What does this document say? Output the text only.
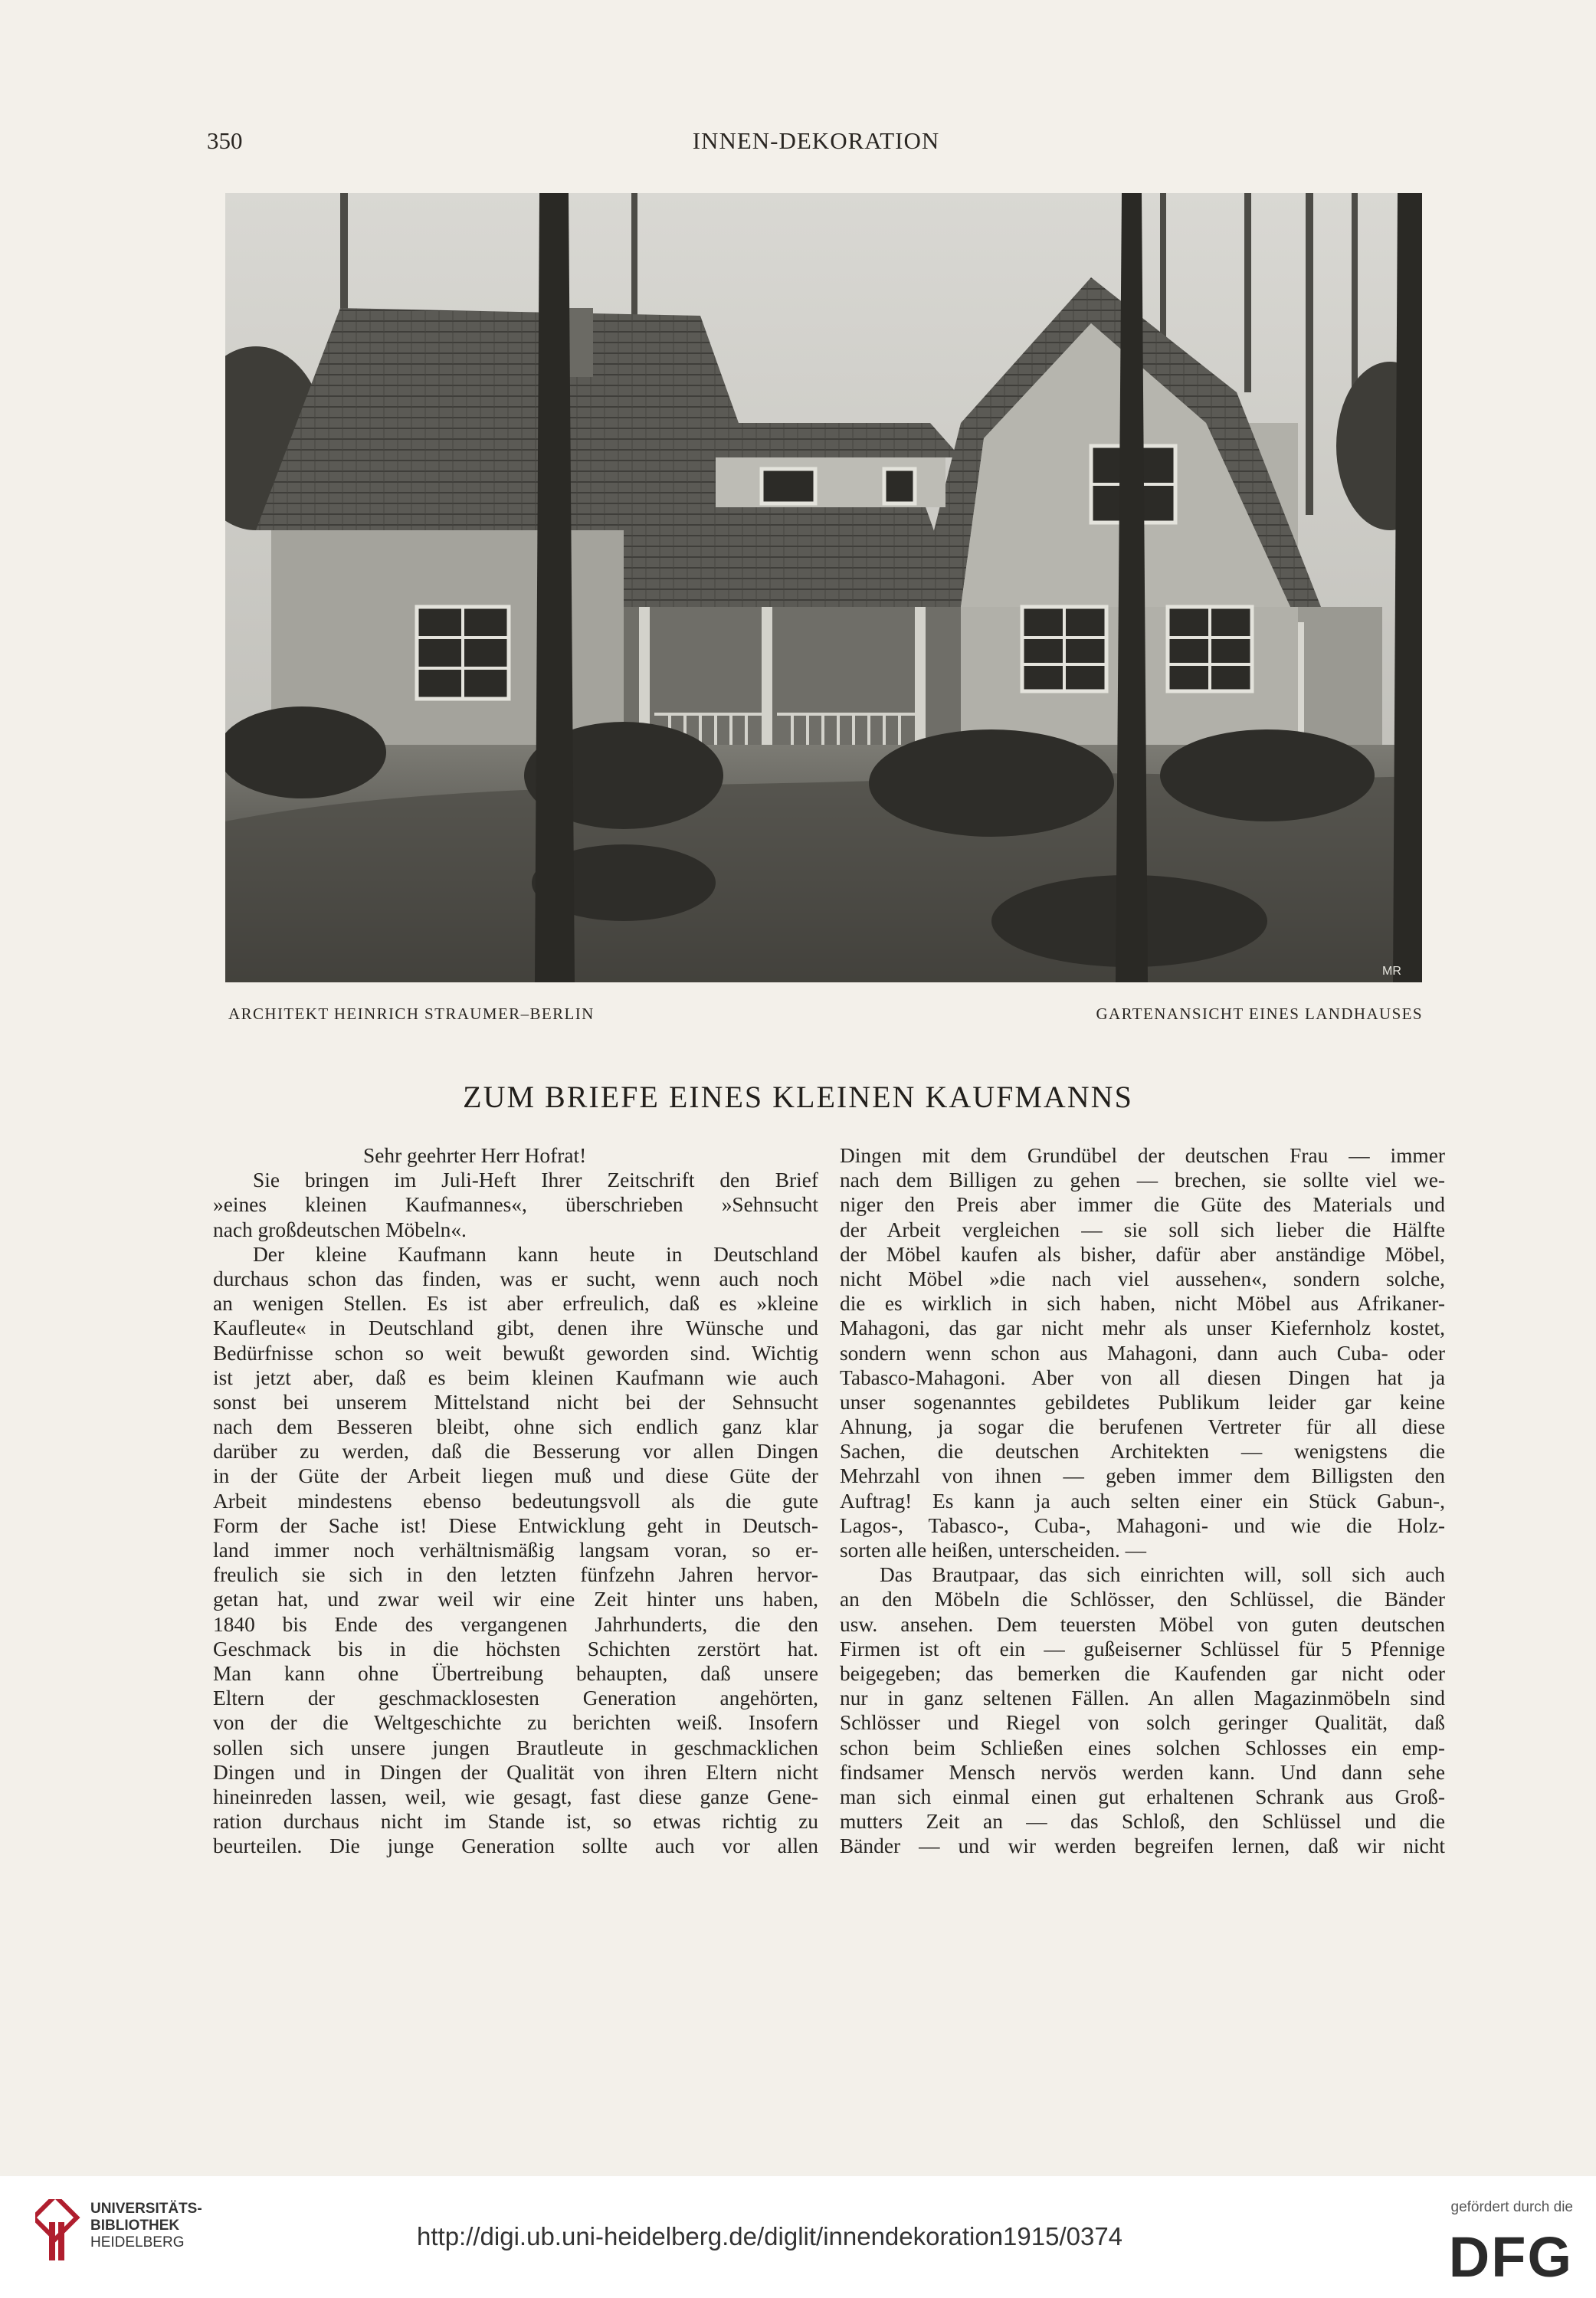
350	INNEN-DEKORATION
MR
ARCHITEKT HEINRICH STRAUMER–BERLIN	GARTENANSICHT EINES LANDHAUSES
ZUM BRIEFE EINES KLEINEN KAUFMANNS
Sehr geehrter Herr Hofrat!
Sie bringen im Juli-Heft Ihrer Zeitschrift den Brief
»eines kleinen Kaufmannes«, überschrieben »Sehnsucht
nach großdeutschen Möbeln«.
Der kleine Kaufmann kann heute in Deutschland
durchaus schon das finden, was er sucht, wenn auch noch
an wenigen Stellen. Es ist aber erfreulich, daß es »kleine
Kaufleute« in Deutschland gibt, denen ihre Wünsche und
Bedürfnisse schon so weit bewußt geworden sind. Wichtig
ist jetzt aber, daß es beim kleinen Kaufmann wie auch
sonst bei unserem Mittelstand nicht bei der Sehnsucht
nach dem Besseren bleibt, ohne sich endlich ganz klar
darüber zu werden, daß die Besserung vor allen Dingen
in der Güte der Arbeit liegen muß und diese Güte der
Arbeit mindestens ebenso bedeutungsvoll als die gute
Form der Sache ist! Diese Entwicklung geht in Deutsch-
land immer noch verhältnismäßig langsam voran, so er-
freulich sie sich in den letzten fünfzehn Jahren hervor-
getan hat, und zwar weil wir eine Zeit hinter uns haben,
1840 bis Ende des vergangenen Jahrhunderts, die den
Geschmack bis in die höchsten Schichten zerstört hat.
Man kann ohne Übertreibung behaupten, daß unsere
Eltern der geschmacklosesten Generation angehörten,
von der die Weltgeschichte zu berichten weiß. Insofern
sollen sich unsere jungen Brautleute in geschmacklichen
Dingen und in Dingen der Qualität von ihren Eltern nicht
hineinreden lassen, weil, wie gesagt, fast diese ganze Gene-
ration durchaus nicht im Stande ist, so etwas richtig zu
beurteilen. Die junge Generation sollte auch vor allen
Dingen mit dem Grundübel der deutschen Frau — immer
nach dem Billigen zu gehen — brechen, sie sollte viel we-
niger den Preis aber immer die Güte des Materials und
der Arbeit vergleichen — sie soll sich lieber die Hälfte
der Möbel kaufen als bisher, dafür aber anständige Möbel,
nicht Möbel »die nach viel aussehen«, sondern solche,
die es wirklich in sich haben, nicht Möbel aus Afrikaner-
Mahagoni, das gar nicht mehr als unser Kiefernholz kostet,
sondern wenn schon aus Mahagoni, dann auch Cuba- oder
Tabasco-Mahagoni. Aber von all diesen Dingen hat ja
unser sogenanntes gebildetes Publikum leider gar keine
Ahnung, ja sogar die berufenen Vertreter für all diese
Sachen, die deutschen Architekten — wenigstens die
Mehrzahl von ihnen — geben immer dem Billigsten den
Auftrag! Es kann ja auch selten einer ein Stück Gabun-,
Lagos-, Tabasco-, Cuba-, Mahagoni- und wie die Holz-
sorten alle heißen, unterscheiden. —
Das Brautpaar, das sich einrichten will, soll sich auch
an den Möbeln die Schlösser, den Schlüssel, die Bänder
usw. ansehen. Dem teuersten Möbel von guten deutschen
Firmen ist oft ein — gußeiserner Schlüssel für 5 Pfennige
beigegeben; das bemerken die Kaufenden gar nicht oder
nur in ganz seltenen Fällen. An allen Magazinmöbeln sind
Schlösser und Riegel von solch geringer Qualität, daß
schon beim Schließen eines solchen Schlosses ein emp-
findsamer Mensch nervös werden kann. Und dann sehe
man sich einmal einen gut erhaltenen Schrank aus Groß-
mutters Zeit an — das Schloß, den Schlüssel und die
Bänder — und wir werden begreifen lernen, daß wir nicht
UNIVERSITÄTS-
BIBLIOTHEK
HEIDELBERG	http://digi.ub.uni-heidelberg.de/diglit/innendekoration1915/0374
gefördert durch die
DFG
